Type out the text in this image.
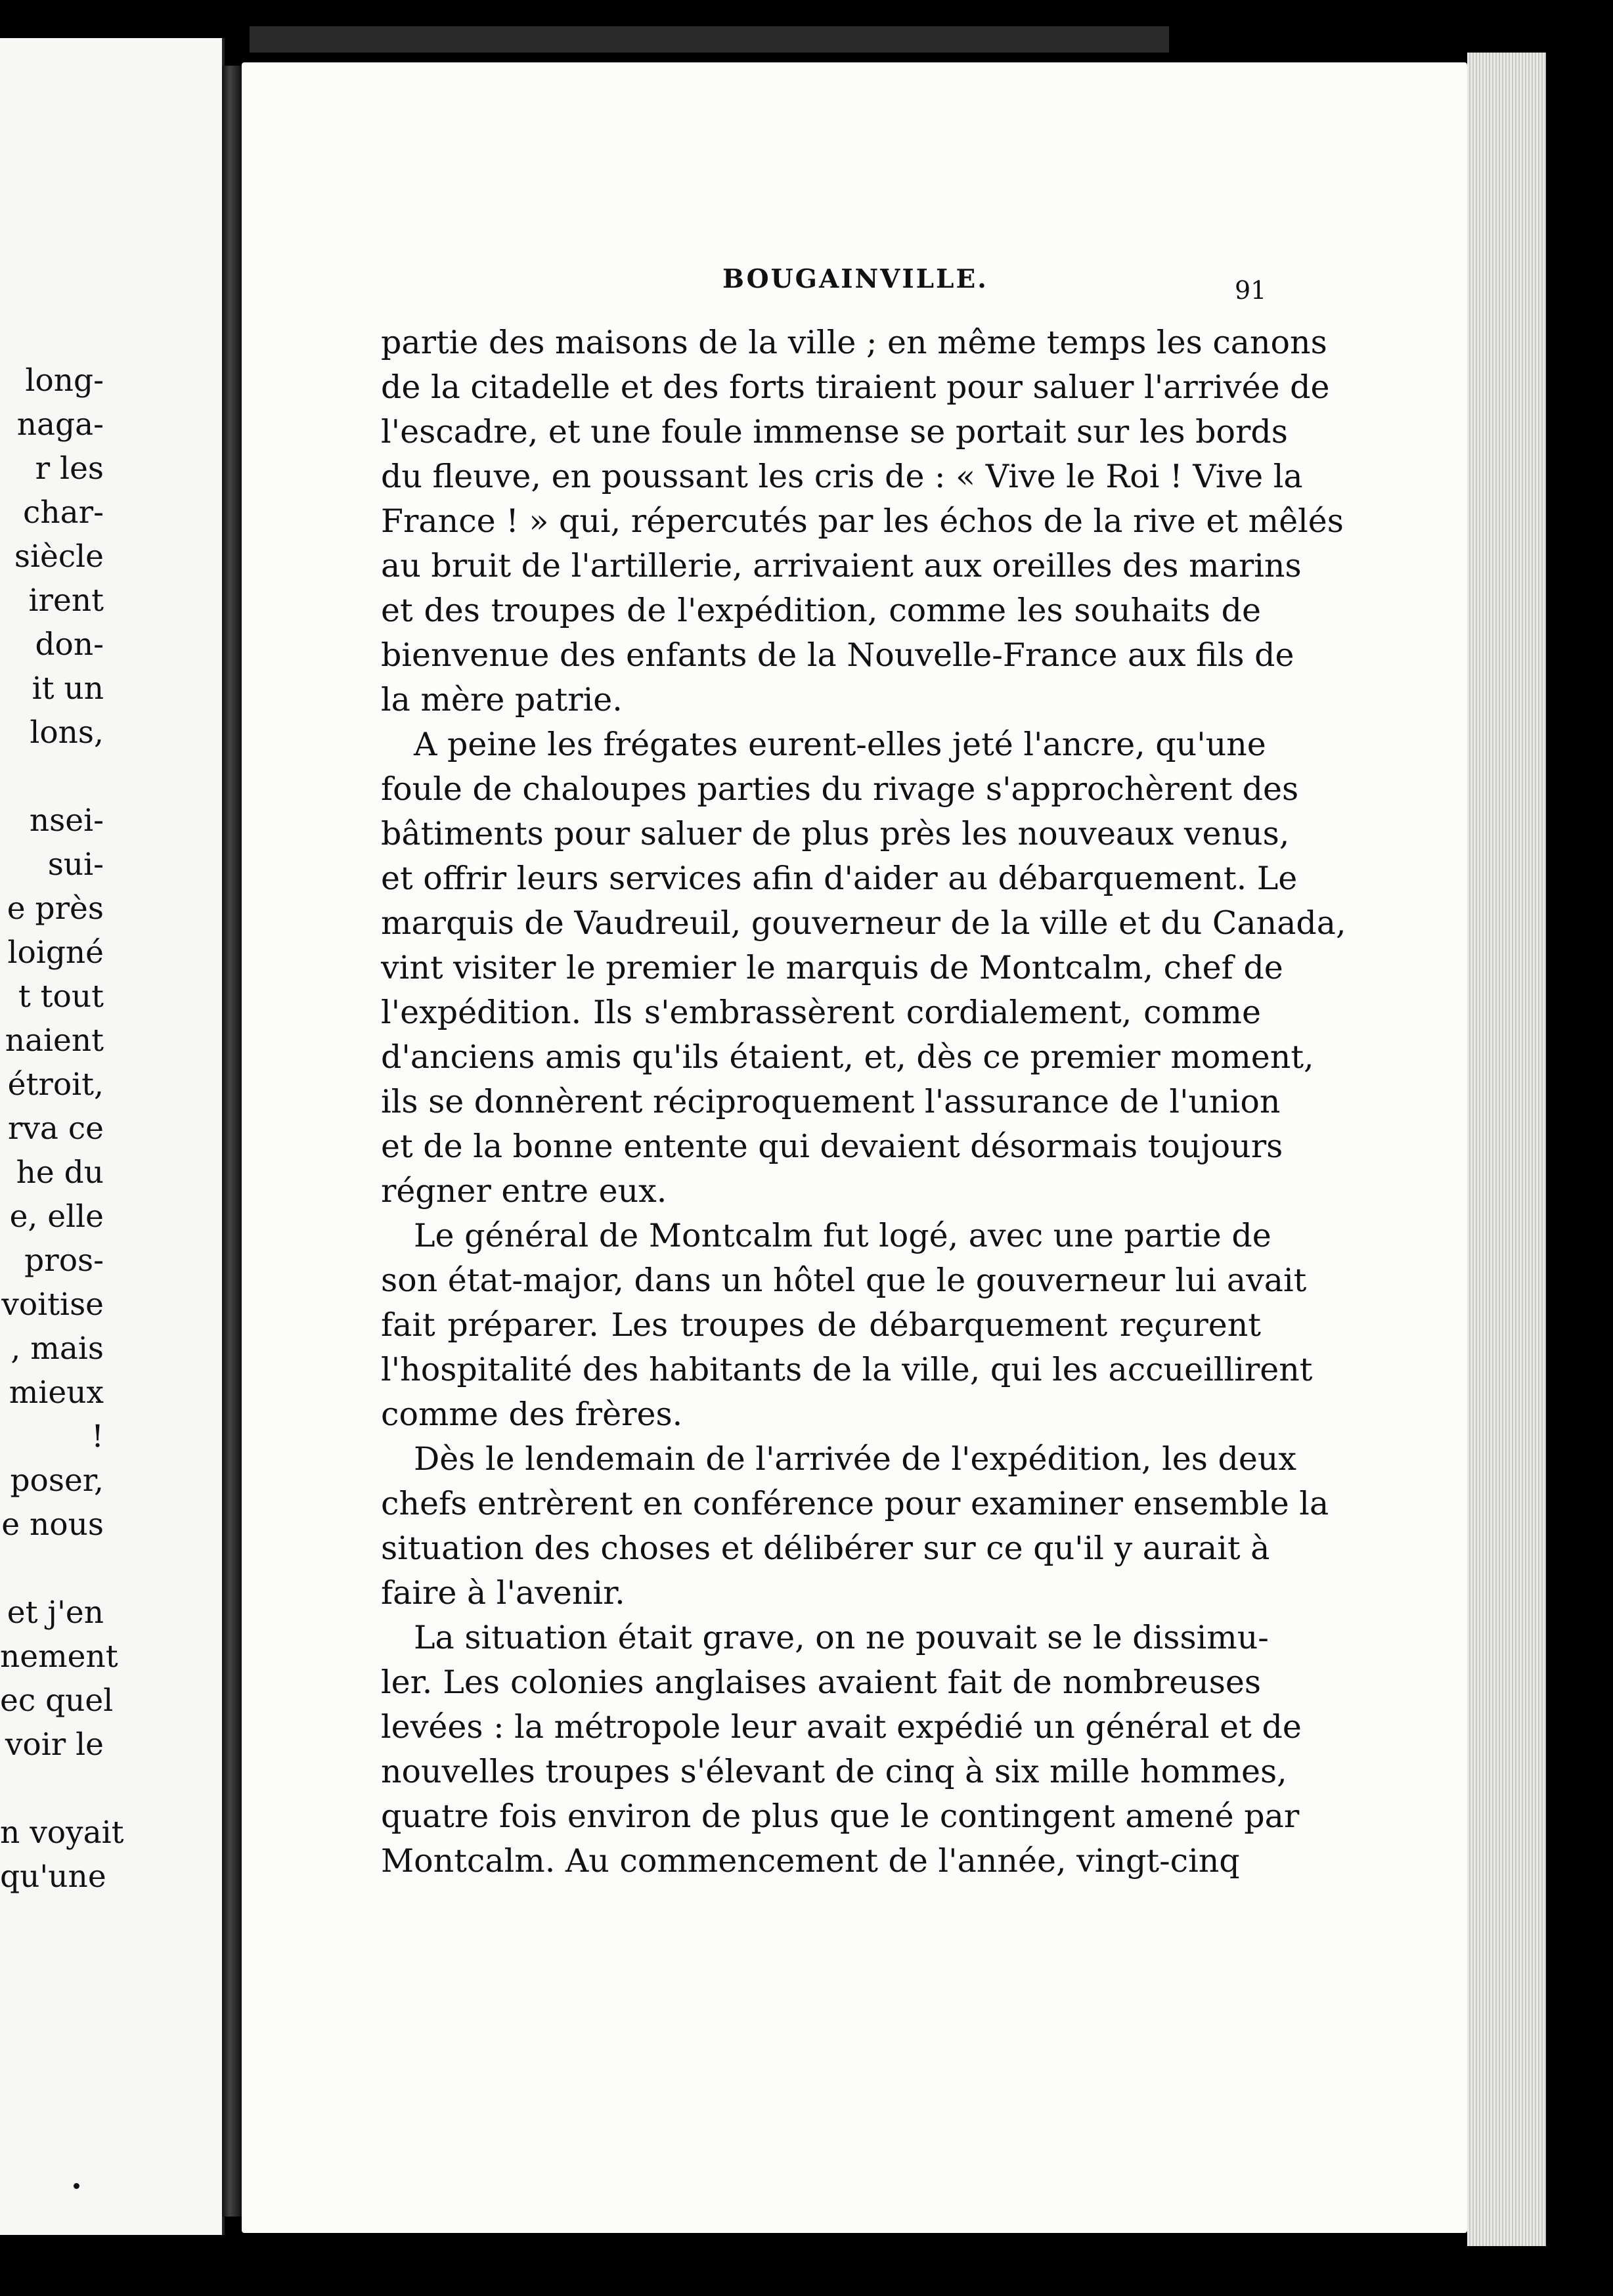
long-
naga-
r les
char-
siècle
irent
don-
it un
lons,
nsei-
sui-
e près
loigné
t tout
naient
étroit,
rva ce
he du
e, elle
pros-
voitise
, mais
mieux
!
poser,
e nous
et j'en
nement
ec quel
voir le
n voyait
qu'une
BOUGAINVILLE.	91
partie des maisons de la ville ; en même temps les canons
de la citadelle et des forts tiraient pour saluer l'arrivée de
l'escadre, et une foule immense se portait sur les bords
du fleuve, en poussant les cris de : « Vive le Roi ! Vive la
France ! » qui, répercutés par les échos de la rive et mêlés
au bruit de l'artillerie, arrivaient aux oreilles des marins
et des troupes de l'expédition, comme les souhaits de
bienvenue des enfants de la Nouvelle-France aux fils de
la mère patrie.
A peine les frégates eurent-elles jeté l'ancre, qu'une
foule de chaloupes parties du rivage s'approchèrent des
bâtiments pour saluer de plus près les nouveaux venus,
et offrir leurs services afin d'aider au débarquement. Le
marquis de Vaudreuil, gouverneur de la ville et du Canada,
vint visiter le premier le marquis de Montcalm, chef de
l'expédition. Ils s'embrassèrent cordialement, comme
d'anciens amis qu'ils étaient, et, dès ce premier moment,
ils se donnèrent réciproquement l'assurance de l'union
et de la bonne entente qui devaient désormais toujours
régner entre eux.
Le général de Montcalm fut logé, avec une partie de
son état-major, dans un hôtel que le gouverneur lui avait
fait préparer. Les troupes de débarquement reçurent
l'hospitalité des habitants de la ville, qui les accueillirent
comme des frères.
Dès le lendemain de l'arrivée de l'expédition, les deux
chefs entrèrent en conférence pour examiner ensemble la
situation des choses et délibérer sur ce qu'il y aurait à
faire à l'avenir.
La situation était grave, on ne pouvait se le dissimu-
ler. Les colonies anglaises avaient fait de nombreuses
levées : la métropole leur avait expédié un général et de
nouvelles troupes s'élevant de cinq à six mille hommes,
quatre fois environ de plus que le contingent amené par
Montcalm. Au commencement de l'année, vingt-cinq
